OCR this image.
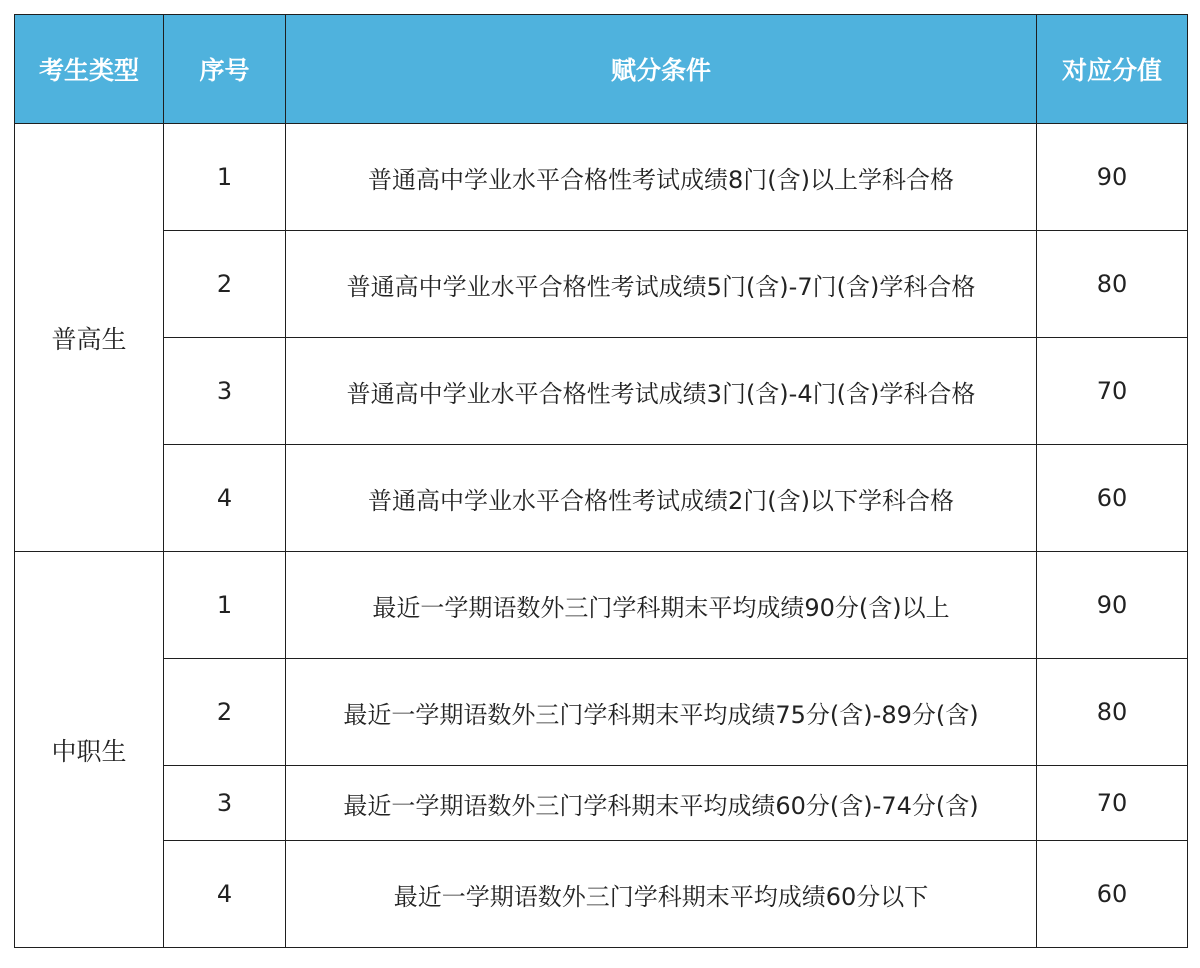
考生类型	序号	赋分条件	对应分值
普高生	1	普通高中学业水平合格性考试成绩8门(含)以上学科合格	90
	2	普通高中学业水平合格性考试成绩5门(含)-7门(含)学科合格	80
	3	普通高中学业水平合格性考试成绩3门(含)-4门(含)学科合格	70
	4	普通高中学业水平合格性考试成绩2门(含)以下学科合格	60
中职生	1	最近一学期语数外三门学科期末平均成绩90分(含)以上	90
	2	最近一学期语数外三门学科期末平均成绩75分(含)-89分(含)	80
	3	最近一学期语数外三门学科期末平均成绩60分(含)-74分(含)	70
	4	最近一学期语数外三门学科期末平均成绩60分以下	60
